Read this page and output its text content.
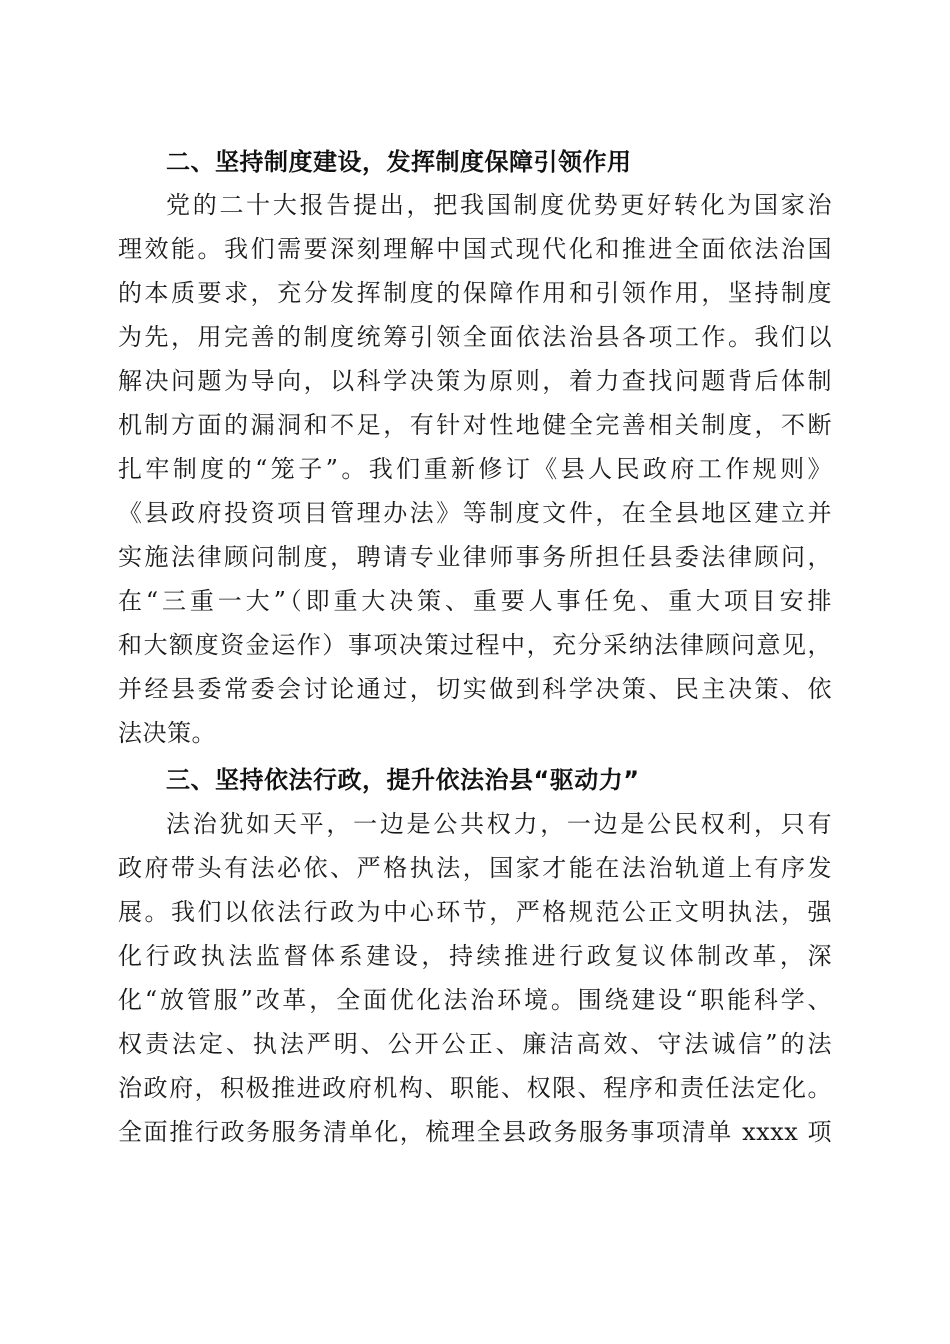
二、坚持制度建设，发挥制度保障引领作用

党的二十大报告提出，把我国制度优势更好转化为国家治

理效能。我们需要深刻理解中国式现代化和推进全面依法治国

的本质要求，充分发挥制度的保障作用和引领作用，坚持制度

为先，用完善的制度统筹引领全面依法治县各项工作。我们以

解决问题为导向，以科学决策为原则，着力查找问题背后体制

机制方面的漏洞和不足，有针对性地健全完善相关制度，不断

扎牢制度的“笼子”。我们重新修订《县人民政府工作规则》

《县政府投资项目管理办法》等制度文件，在全县地区建立并

实施法律顾问制度，聘请专业律师事务所担任县委法律顾问，

在“三重一大”（即重大决策、重要人事任免、重大项目安排

和大额度资金运作）事项决策过程中，充分采纳法律顾问意见，

并经县委常委会讨论通过，切实做到科学决策、民主决策、依

法决策。

三、坚持依法行政，提升依法治县“驱动力”

法治犹如天平，一边是公共权力，一边是公民权利，只有

政府带头有法必依、严格执法，国家才能在法治轨道上有序发

展。我们以依法行政为中心环节，严格规范公正文明执法，强

化行政执法监督体系建设，持续推进行政复议体制改革，深

化“放管服”改革，全面优化法治环境。围绕建设“职能科学、

权责法定、执法严明、公开公正、廉洁高效、守法诚信”的法

治政府，积极推进政府机构、职能、权限、程序和责任法定化。

全面推行政务服务清单化，梳理全县政务服务事项清单 xxxx 项
